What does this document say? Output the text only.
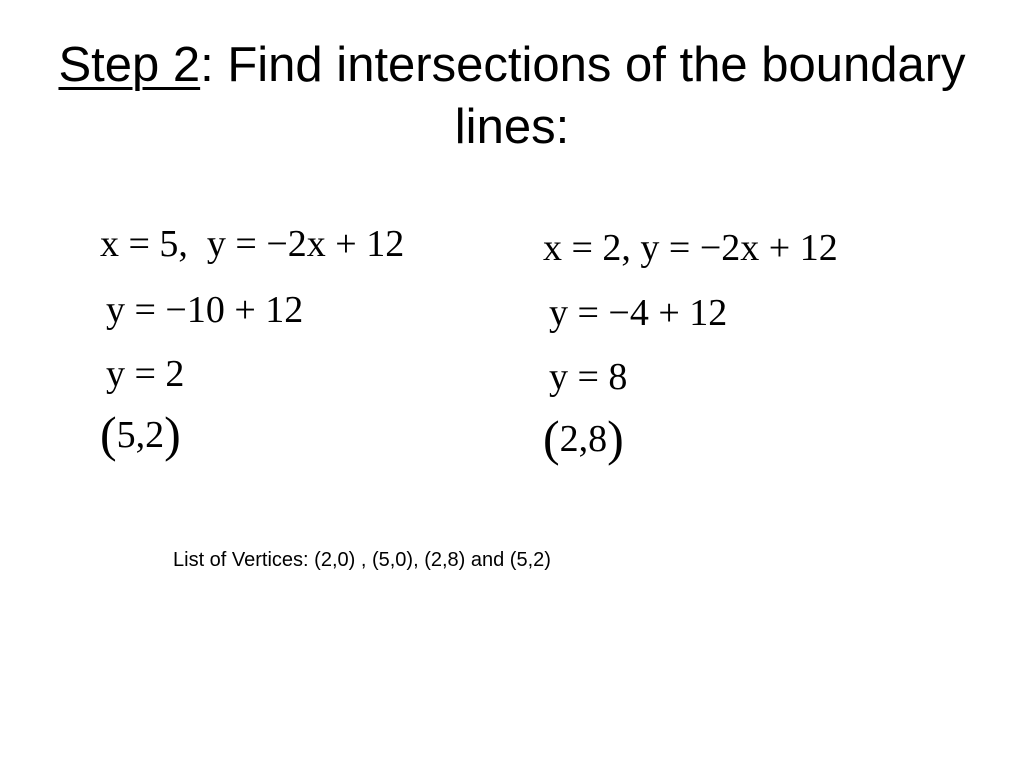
Step 2: Find intersections of the boundary lines:
x = 5,  y = −2x + 12
y = −10 + 12
y = 2
(5,2)
x = 2, y = −2x + 12
y = −4 + 12
y = 8
(2,8)
List of Vertices: (2,0) , (5,0), (2,8) and (5,2)
